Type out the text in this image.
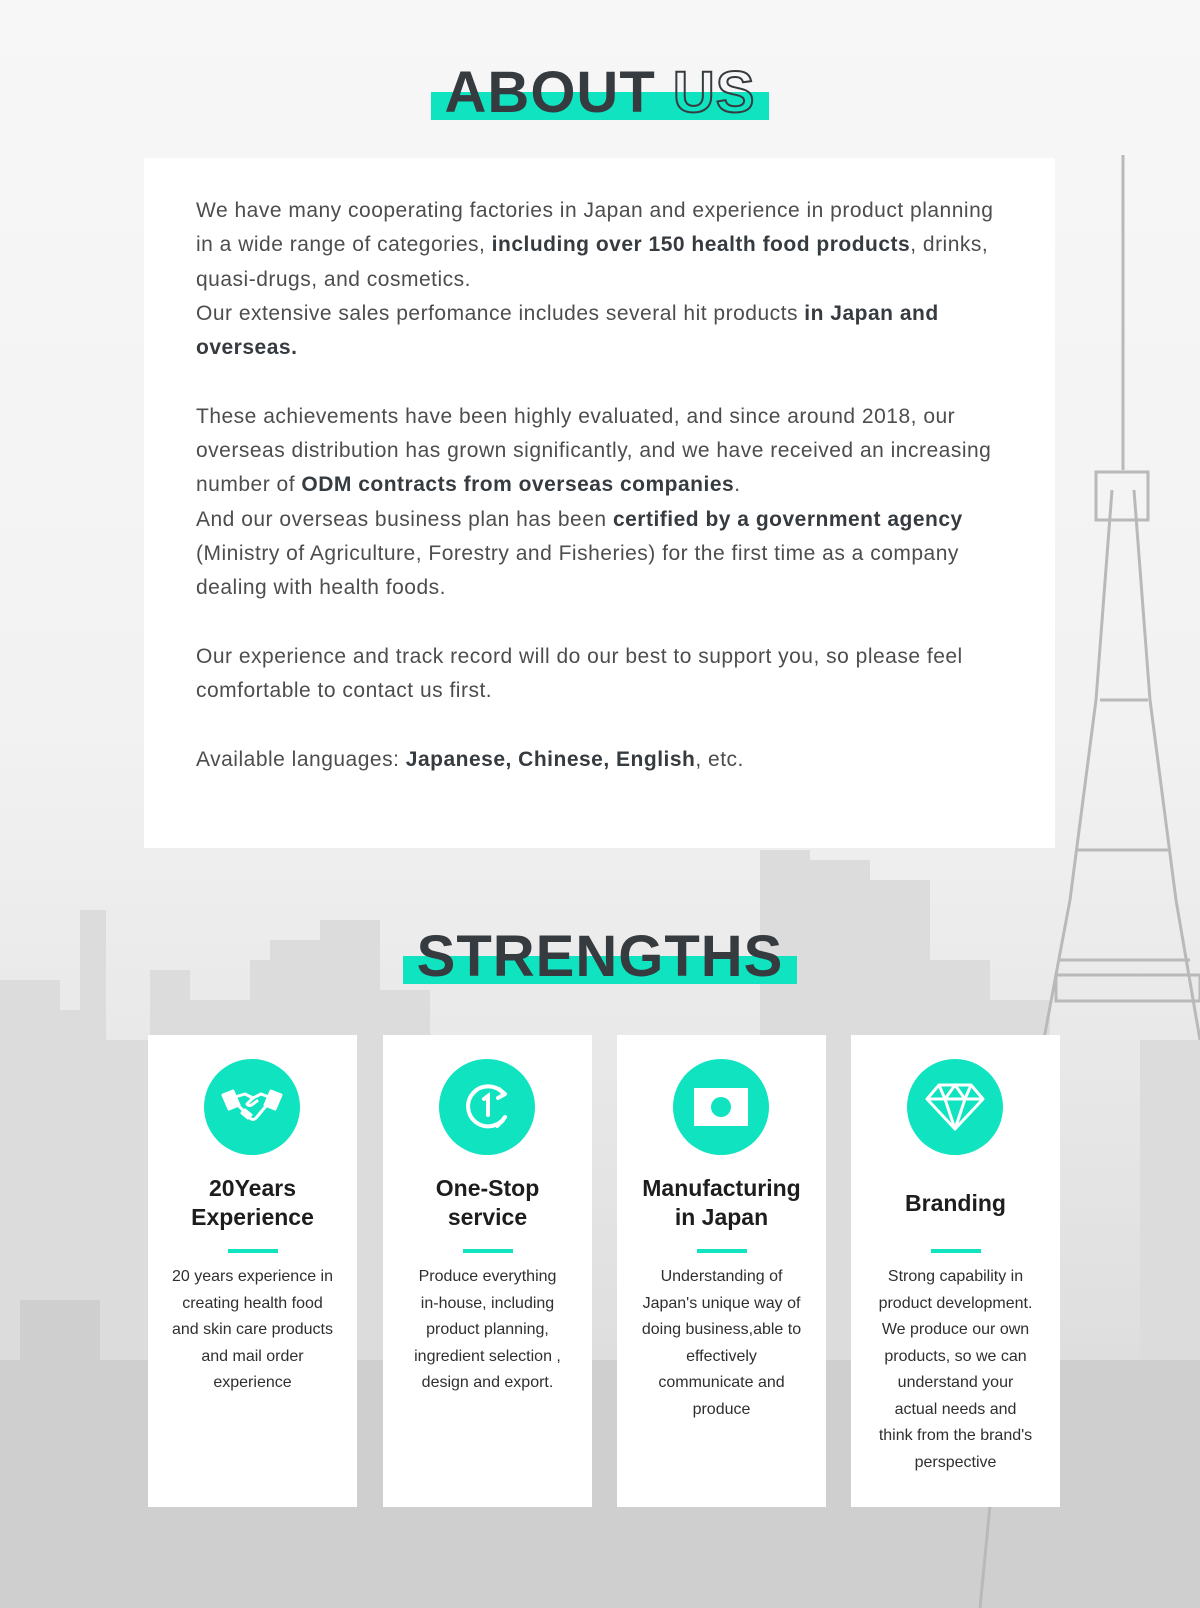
ABOUT US

We have many cooperating factories in Japan and experience in product planning in a wide range of categories, including over 150 health food products, drinks, quasi-drugs, and cosmetics.
Our extensive sales perfomance includes several hit products in Japan and overseas.

These achievements have been highly evaluated, and since around 2018, our overseas distribution has grown significantly, and we have received an increasing number of ODM contracts from overseas companies.
And our overseas business plan has been certified by a government agency (Ministry of Agriculture, Forestry and Fisheries) for the first time as a company dealing with health foods.

Our experience and track record will do our best to support you, so please feel comfortable to contact us first.

Available languages: Japanese, Chinese, English, etc.

STRENGTHS
20Years
Experience
20 years experience in
creating health food
and skin care products
and mail order
experience
One-Stop
service
Produce everything
in-house, including
product planning,
ingredient selection ,
design and export.
Manufacturing
in Japan
Understanding of
Japan's unique way of
doing business,able to
effectively
communicate and
produce
Branding
Strong capability in
product development.
We produce our own
products, so we can
understand your
actual needs and
think from the brand's
perspective
